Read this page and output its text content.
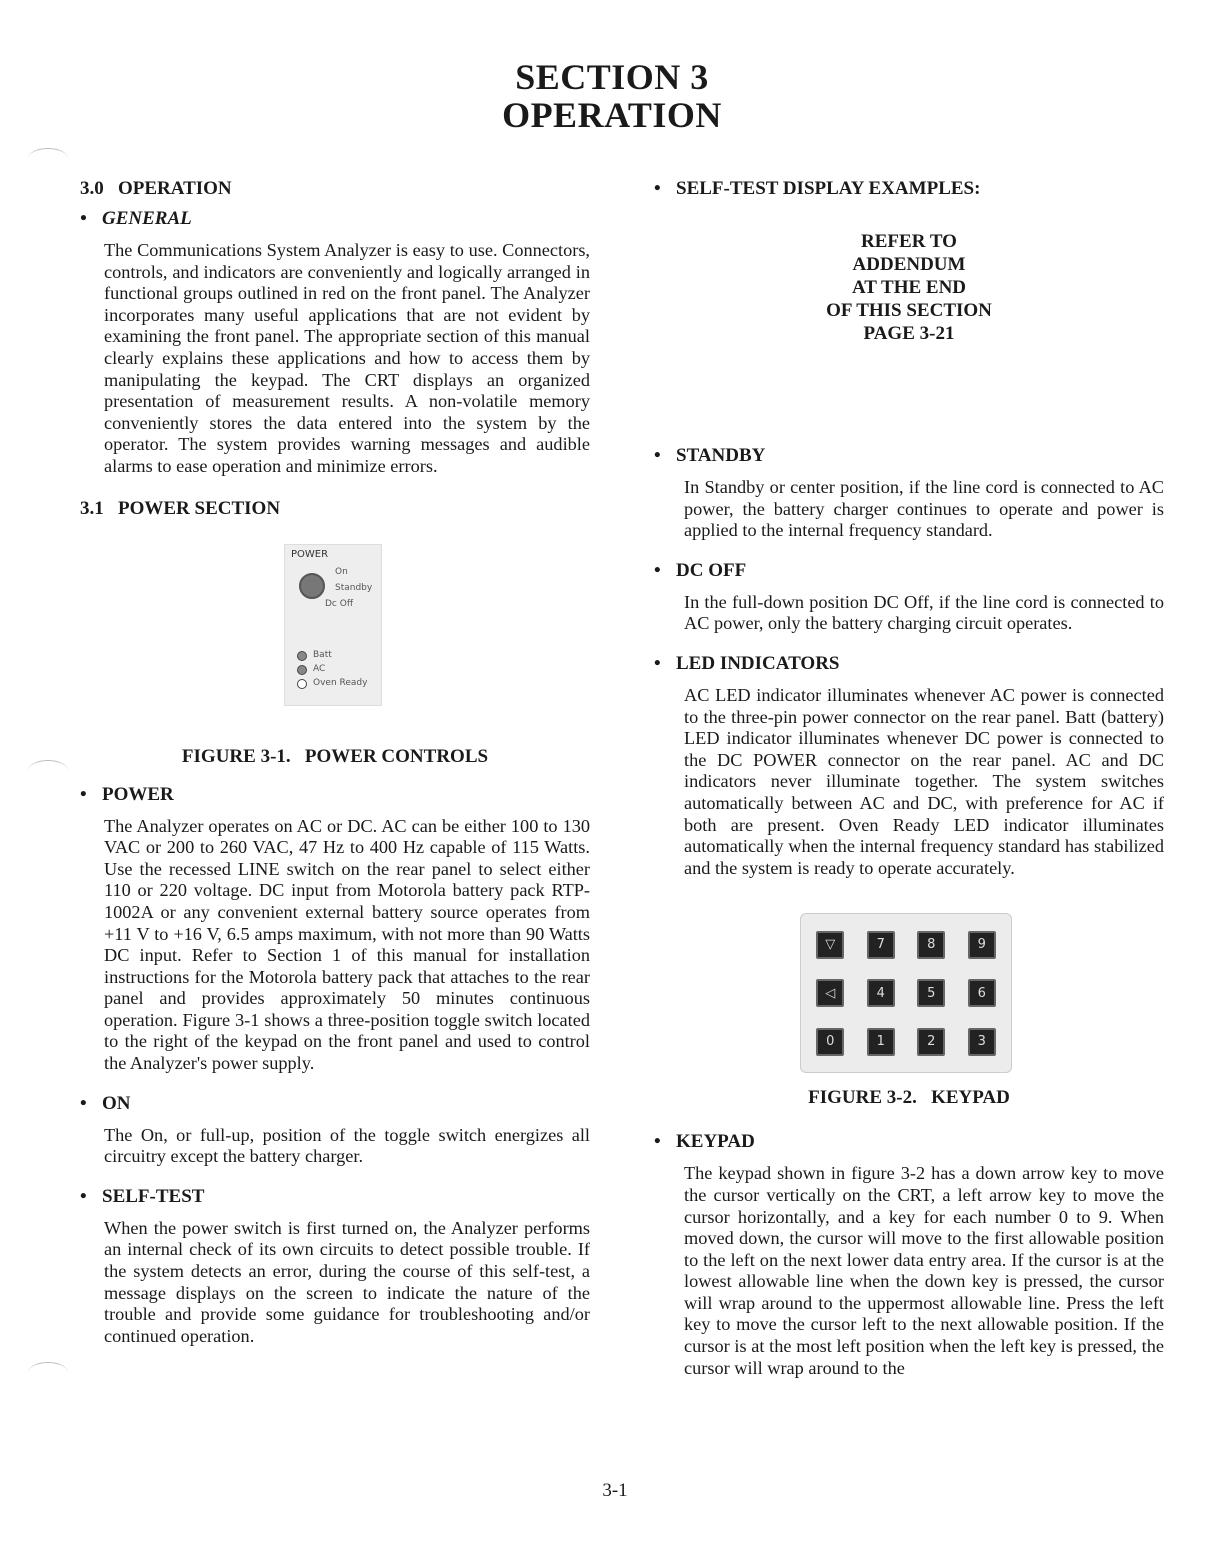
SECTION 3
OPERATION
3.0 OPERATION
• GENERAL
The Communications System Analyzer is easy to use. Connectors, controls, and indicators are conveniently and logically arranged in functional groups outlined in red on the front panel. The Analyzer incorporates many useful applications that are not evident by examining the front panel. The appropriate section of this manual clearly explains these applications and how to access them by manipulating the keypad. The CRT displays an organized presentation of measurement results. A non-volatile memory conveniently stores the data entered into the system by the operator. The system provides warning messages and audible alarms to ease operation and minimize errors.
3.1 POWER SECTION
POWER
On
Standby
Dc Off
Batt
AC
Oven Ready
FIGURE 3-1.   POWER CONTROLS
• POWER
The Analyzer operates on AC or DC. AC can be either 100 to 130 VAC or 200 to 260 VAC, 47 Hz to 400 Hz capable of 115 Watts. Use the recessed LINE switch on the rear panel to select either 110 or 220 voltage. DC input from Motorola battery pack RTP-1002A or any convenient external battery source operates from +11 V to +16 V, 6.5 amps maximum, with not more than 90 Watts DC input. Refer to Section 1 of this manual for installation instructions for the Motorola battery pack that attaches to the rear panel and provides approximately 50 minutes continuous operation. Figure 3-1 shows a three-position toggle switch located to the right of the keypad on the front panel and used to control the Analyzer's power supply.
• ON
The On, or full-up, position of the toggle switch energizes all circuitry except the battery charger.
• SELF-TEST
When the power switch is first turned on, the Analyzer performs an internal check of its own circuits to detect possible trouble. If the system detects an error, during the course of this self-test, a message displays on the screen to indicate the nature of the trouble and provide some guidance for troubleshooting and/or continued operation.
• SELF-TEST DISPLAY EXAMPLES:
REFER TO
ADDENDUM
AT THE END
OF THIS SECTION
PAGE 3-21
• STANDBY
In Standby or center position, if the line cord is connected to AC power, the battery charger continues to operate and power is applied to the internal frequency standard.
• DC OFF
In the full-down position DC Off, if the line cord is connected to AC power, only the battery charging circuit operates.
• LED INDICATORS
AC LED indicator illuminates whenever AC power is connected to the three-pin power connector on the rear panel. Batt (battery) LED indicator illuminates whenever DC power is connected to the DC POWER connector on the rear panel. AC and DC indicators never illuminate together. The system switches automatically between AC and DC, with preference for AC if both are present. Oven Ready LED indicator illuminates automatically when the internal frequency standard has stabilized and the system is ready to operate accurately.
▽	7	8	9
◁	4	5	6
0	1	2	3
FIGURE 3-2.   KEYPAD
• KEYPAD
The keypad shown in figure 3-2 has a down arrow key to move the cursor vertically on the CRT, a left arrow key to move the cursor horizontally, and a key for each number 0 to 9. When moved down, the cursor will move to the first allowable position to the left on the next lower data entry area. If the cursor is at the lowest allowable line when the down key is pressed, the cursor will wrap around to the uppermost allowable line. Press the left key to move the cursor left to the next allowable position. If the cursor is at the most left position when the left key is pressed, the cursor will wrap around to the
3-1
